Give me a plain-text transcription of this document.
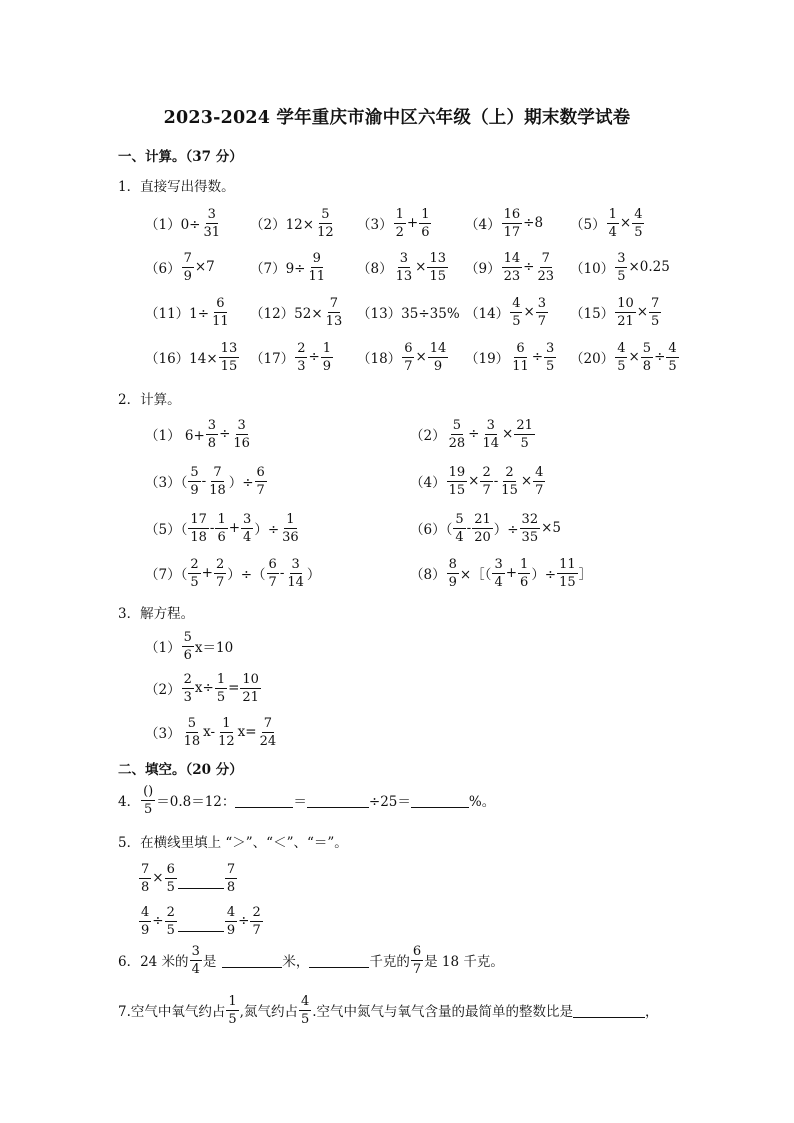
2023-2024 学年重庆市渝中区六年级（上）期末数学试卷
一、计算。（37 分）
1．直接写出得数。
$(1)0\div \frac{3}{31} (2)12\times \frac{5}{12} (3) \frac{1}{2} + \frac{1}{6} (4) \frac{16}{17} \div 8$ $(5) \frac{1}{4} \times \frac{4}{5}$
$(6) \frac{7}{9} \times 7$	$(7)9\div \frac{9}{11} (8) \frac{3}{13} \times \frac{13}{15} (9) \frac{14}{23} \div \frac{7}{23} (10) \frac{3}{5} \times 0.25$
$(11)1\div \frac{6}{11} (12)52\times \frac{7}{13} (13)35\div 35\%$ $(14) \frac{4}{5} \times \frac{3}{7} (15) \frac{10}{21} \times \frac{7}{5}$
$(16)14\times \frac{13}{15} (17) \frac{2}{3} \div \frac{1}{9} (18) \frac{6}{7} \times \frac{14}{9} (19) \frac{6}{11} \div \frac{3}{5} (20) \frac{4}{5} \times \frac{5}{8} \div \frac{4}{5}$
2．计算。
（1） $6+ \frac{3}{8} \div \frac{3}{16}$	$(2) \frac{5}{28} \div \frac{3}{14} \times \frac{21}{5}$
$(3)( \frac{5}{9} - \frac{7}{18}$ ）÷ $\frac{6}{7}$	$(4) \frac{19}{15} \times \frac{2}{7} - \frac{2}{15} \times \frac{4}{7}$
$(5)( \frac{17}{18} - \frac{1}{6} + \frac{3}{4}$ ）÷ $\frac{1}{36}$	$(6)( \frac{5}{4} - \frac{21}{20}$ ）÷ $\frac{32}{35} \times 5$
$(7)( \frac{2}{5} + \frac{2}{7}$ ）÷（ $\frac{6}{7} - \frac{3}{14}$ ）	$(8) \frac{8}{9}$ ×［（ $\frac{3}{4} + \frac{1}{6}$ ）÷ $\frac{11}{15}$ ］
3．解方程。
$(1) \frac{5}{6} x=10$
$(2) \frac{2}{3} x\div \frac{1}{5} = \frac{10}{21}$
$(3) \frac{5}{18} x- \frac{1}{12} x= \frac{7}{24}$
二、填空。（20 分）
4． $\frac{()}{5} =0.8=12$：	＝	÷25＝	%。
5．在横线里填上 “＞”、“＜”、“＝”。
$\frac{7}{8} \times \frac{6}{5}$	$\frac{7}{8}$
$\frac{4}{9} \div \frac{2}{5}$	$\frac{4}{9} \div \frac{2}{7}$
6．24 米的 $\frac{3}{4}$ 是	米，	千克的 $\frac{6}{7}$ 是 18 千克。
7.空气中氧气约占 $\frac{1}{5}$ ,氮气约占 $\frac{4}{5}$ .空气中氮气与氧气含量的最简单的整数比是	，
